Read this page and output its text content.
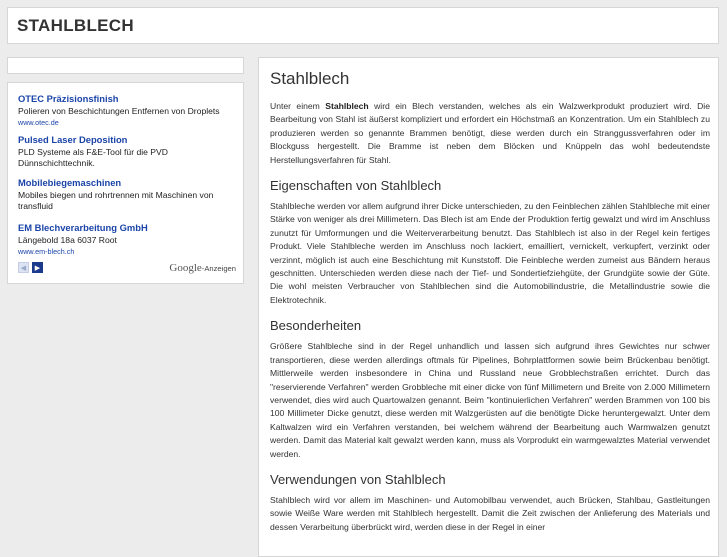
STAHLBLECH
OTEC Präzisionsfinish
Polieren von Beschichtungen Entfernen von Droplets
www.otec.de
Pulsed Laser Deposition
PLD Systeme als F&E-Tool für die PVD Dünnschichttechnik.
Mobilebiegemaschinen
Mobiles biegen und rohrtrennen mit Maschinen von transfluid
EM Blechverarbeitung GmbH
Längebold 18a 6037 Root
www.em-blech.ch
◀ ▶	Google-Anzeigen
Stahlblech

Unter einem Stahlblech wird ein Blech verstanden, welches als ein Walzwerkprodukt produziert wird. Die Bearbeitung von Stahl ist äußerst kompliziert und erfordert ein Höchstmaß an Konzentration. Um ein Stahlblech zu produzieren werden so genannte Brammen benötigt, diese werden durch ein Stranggussverfahren oder im Blockguss hergestellt. Die Bramme ist neben dem Blöcken und Knüppeln das wohl bedeutendste Herstellungsverfahren für Stahl.

Eigenschaften von Stahlblech

Stahlbleche werden vor allem aufgrund ihrer Dicke unterschieden, zu den Feinblechen zählen Stahlbleche mit einer Stärke von weniger als drei Millimetern. Das Blech ist am Ende der Produktion fertig gewalzt und wird im Anschluss zunutzt für Umformungen und die Weiterverarbeitung benutzt. Das Stahlblech ist also in der Regel kein fertiges Produkt. Viele Stahlbleche werden im Anschluss noch lackiert, emailliert, vernickelt, verkupfert, verzinkt oder verzinnt, möglich ist auch eine Beschichtung mit Kunststoff. Die Feinbleche werden zumeist aus Bändern heraus geschnitten. Unterschieden werden diese nach der Tief- und Sondertiefziehgüte, der Grundgüte sowie der Güte. Die wohl meisten Verbraucher von Stahlblechen sind die Automobilindustrie, die Metallindustrie sowie die Elektrotechnik.

Besonderheiten

Größere Stahlbleche sind in der Regel unhandlich und lassen sich aufgrund ihres Gewichtes nur schwer transportieren, diese werden allerdings oftmals für Pipelines, Bohrplattformen sowie beim Brückenbau benötigt. Mittlerweile werden insbesondere in China und Russland neue Grobblechstraßen errichtet. Durch das "reservierende Verfahren" werden Grobbleche mit einer dicke von fünf Millimetern und Breite von 2.000 Millimetern verwendet, dies wird auch Quartowalzen genannt. Beim "kontinuierlichen Verfahren" werden Brammen von 100 bis 100 Millimeter Dicke genutzt, diese werden mit Walzgerüsten auf die benötigte Dicke heruntergewalzt. Unter dem Kaltwalzen wird ein Verfahren verstanden, bei welchem während der Bearbeitung auch Warmwalzen genutzt werden. Damit das Material kalt gewalzt werden kann, muss als Vorprodukt ein warmgewalztes Material verwendet werden.

Verwendungen von Stahlblech

Stahlblech wird vor allem im Maschinen- und Automobilbau verwendet, auch Brücken, Stahlbau, Gastleitungen sowie Weiße Ware werden mit Stahlblech hergestellt. Damit die Zeit zwischen der Anlieferung des Materials und dessen Verarbeitung überbrückt wird, werden diese in der Regel in einer
